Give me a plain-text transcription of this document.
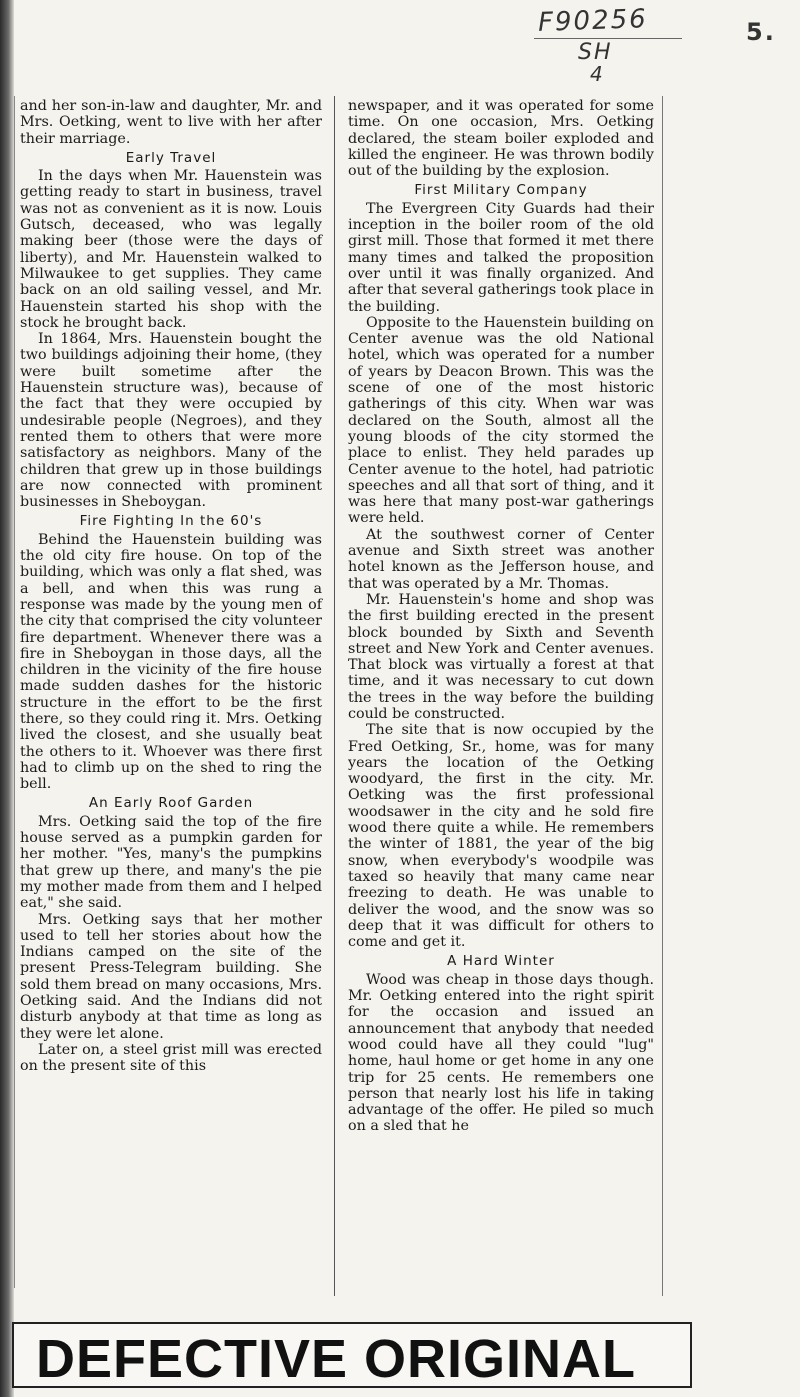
F90256
SH
4
5.

and her son-in-law and daughter, Mr. and Mrs. Oetking, went to live with her after their marriage.

Early Travel

In the days when Mr. Hauenstein was getting ready to start in business, travel was not as convenient as it is now. Louis Gutsch, deceased, who was legally making beer (those were the days of liberty), and Mr. Hauenstein walked to Milwaukee to get supplies. They came back on an old sailing vessel, and Mr. Hauenstein started his shop with the stock he brought back.

In 1864, Mrs. Hauenstein bought the two buildings adjoining their home, (they were built sometime after the Hauenstein structure was), because of the fact that they were occupied by undesirable people (Negroes), and they rented them to others that were more satisfactory as neighbors. Many of the children that grew up in those buildings are now connected with prominent businesses in Sheboygan.

Fire Fighting In the 60's

Behind the Hauenstein building was the old city fire house. On top of the building, which was only a flat shed, was a bell, and when this was rung a response was made by the young men of the city that comprised the city volunteer fire department. Whenever there was a fire in Sheboygan in those days, all the children in the vicinity of the fire house made sudden dashes for the historic structure in the effort to be the first there, so they could ring it. Mrs. Oetking lived the closest, and she usually beat the others to it. Whoever was there first had to climb up on the shed to ring the bell.

An Early Roof Garden

Mrs. Oetking said the top of the fire house served as a pumpkin garden for her mother. "Yes, many's the pumpkins that grew up there, and many's the pie my mother made from them and I helped eat," she said.

Mrs. Oetking says that her mother used to tell her stories about how the Indians camped on the site of the present Press-Telegram building. She sold them bread on many occasions, Mrs. Oetking said. And the Indians did not disturb anybody at that time as long as they were let alone.

Later on, a steel grist mill was erected on the present site of this

newspaper, and it was operated for some time. On one occasion, Mrs. Oetking declared, the steam boiler exploded and killed the engineer. He was thrown bodily out of the building by the explosion.

First Military Company

The Evergreen City Guards had their inception in the boiler room of the old girst mill. Those that formed it met there many times and talked the proposition over until it was finally organized. And after that several gatherings took place in the building.

Opposite to the Hauenstein building on Center avenue was the old National hotel, which was operated for a number of years by Deacon Brown. This was the scene of one of the most historic gatherings of this city. When war was declared on the South, almost all the young bloods of the city stormed the place to enlist. They held parades up Center avenue to the hotel, had patriotic speeches and all that sort of thing, and it was here that many post-war gatherings were held.

At the southwest corner of Center avenue and Sixth street was another hotel known as the Jefferson house, and that was operated by a Mr. Thomas.

Mr. Hauenstein's home and shop was the first building erected in the present block bounded by Sixth and Seventh street and New York and Center avenues. That block was virtually a forest at that time, and it was necessary to cut down the trees in the way before the building could be constructed.

The site that is now occupied by the Fred Oetking, Sr., home, was for many years the location of the Oetking woodyard, the first in the city. Mr. Oetking was the first professional woodsawer in the city and he sold fire wood there quite a while. He remembers the winter of 1881, the year of the big snow, when everybody's woodpile was taxed so heavily that many came near freezing to death. He was unable to deliver the wood, and the snow was so deep that it was difficult for others to come and get it.

A Hard Winter

Wood was cheap in those days though. Mr. Oetking entered into the right spirit for the occasion and issued an announcement that anybody that needed wood could have all they could "lug" home, haul home or get home in any one trip for 25 cents. He remembers one person that nearly lost his life in taking advantage of the offer. He piled so much on a sled that he

DEFECTIVE ORIGINAL
